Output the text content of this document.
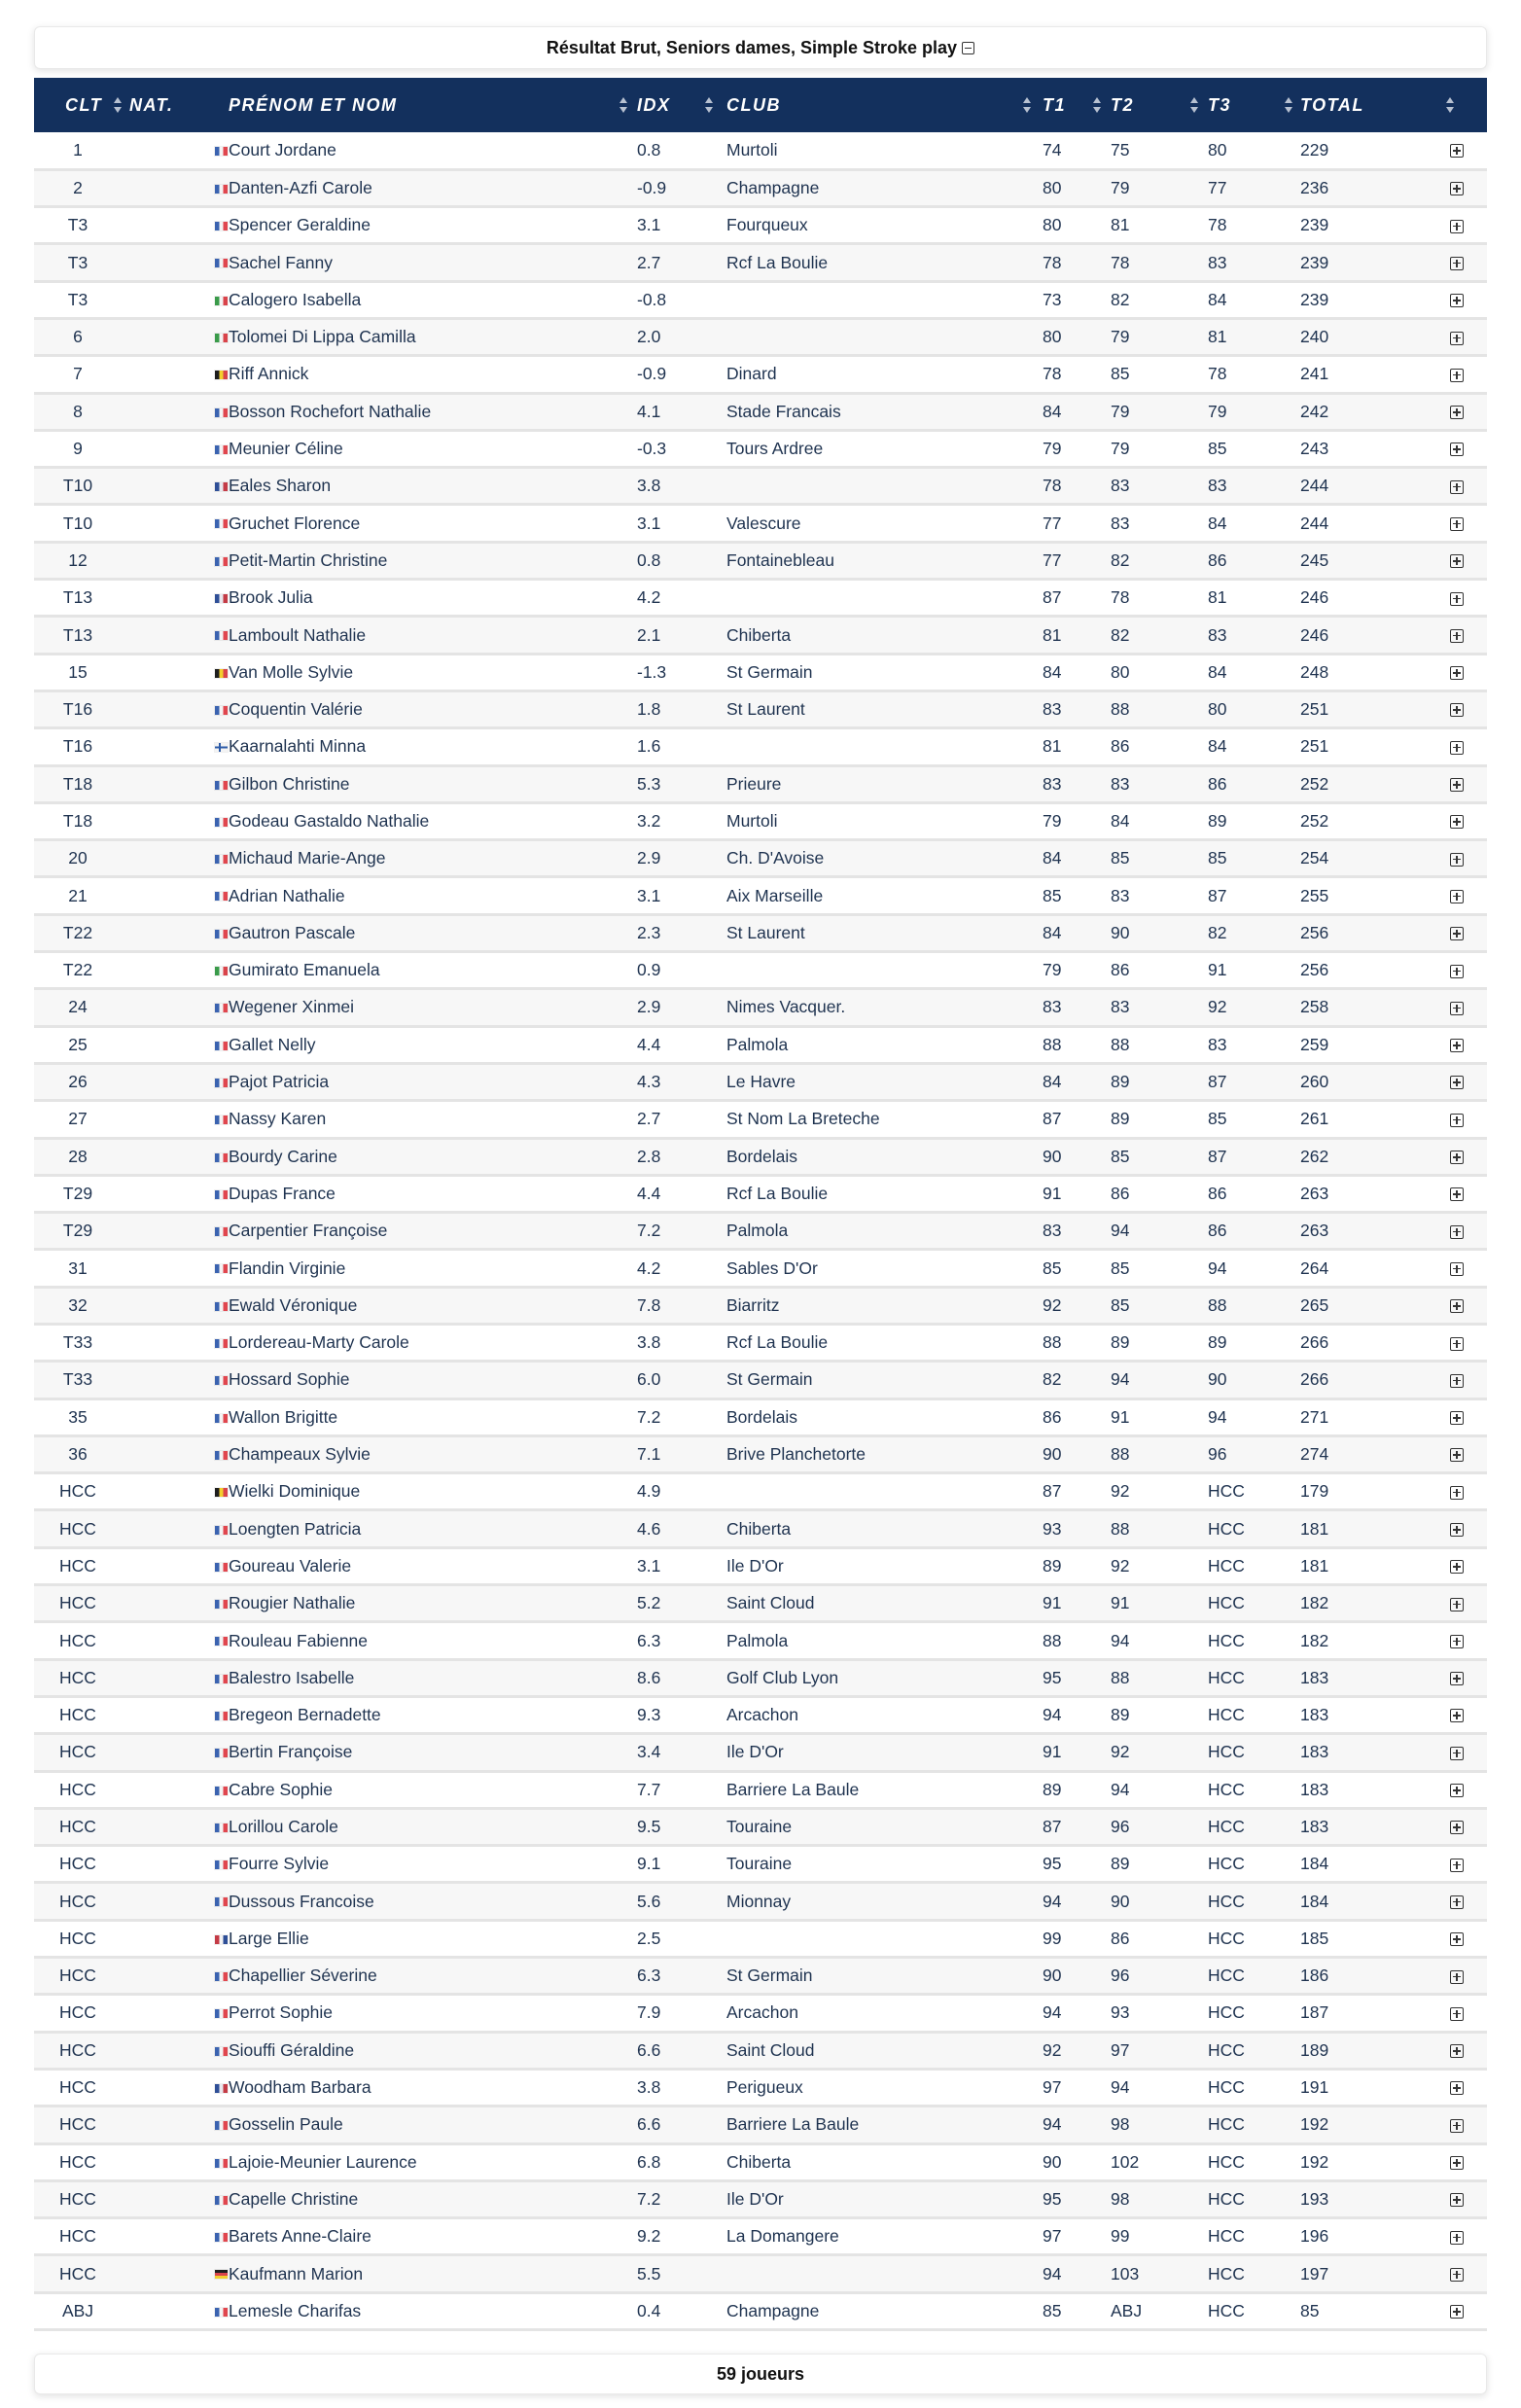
Résultat Brut, Seniors dames, Simple Stroke play
CLT	NAT.	PRÉNOM ET NOM	IDX	CLUB	T1	T2	T3	TOTAL

1		Court Jordane	0.8	Murtoli	74	75	80	229
2		Danten-Azfi Carole	-0.9	Champagne	80	79	77	236
T3		Spencer Geraldine	3.1	Fourqueux	80	81	78	239
T3		Sachel Fanny	2.7	Rcf La Boulie	78	78	83	239
T3		Calogero Isabella	-0.8		73	82	84	239
6		Tolomei Di Lippa Camilla	2.0		80	79	81	240
7		Riff Annick	-0.9	Dinard	78	85	78	241
8		Bosson Rochefort Nathalie	4.1	Stade Francais	84	79	79	242
9		Meunier Céline	-0.3	Tours Ardree	79	79	85	243
T10		Eales Sharon	3.8		78	83	83	244
T10		Gruchet Florence	3.1	Valescure	77	83	84	244
12		Petit-Martin Christine	0.8	Fontainebleau	77	82	86	245
T13		Brook Julia	4.2		87	78	81	246
T13		Lamboult Nathalie	2.1	Chiberta	81	82	83	246
15		Van Molle Sylvie	-1.3	St Germain	84	80	84	248
T16		Coquentin Valérie	1.8	St Laurent	83	88	80	251
T16		Kaarnalahti Minna	1.6		81	86	84	251
T18		Gilbon Christine	5.3	Prieure	83	83	86	252
T18		Godeau Gastaldo Nathalie	3.2	Murtoli	79	84	89	252
20		Michaud Marie-Ange	2.9	Ch. D'Avoise	84	85	85	254
21		Adrian Nathalie	3.1	Aix Marseille	85	83	87	255
T22		Gautron Pascale	2.3	St Laurent	84	90	82	256
T22		Gumirato Emanuela	0.9		79	86	91	256
24		Wegener Xinmei	2.9	Nimes Vacquer.	83	83	92	258
25		Gallet Nelly	4.4	Palmola	88	88	83	259
26		Pajot Patricia	4.3	Le Havre	84	89	87	260
27		Nassy Karen	2.7	St Nom La Breteche	87	89	85	261
28		Bourdy Carine	2.8	Bordelais	90	85	87	262
T29		Dupas France	4.4	Rcf La Boulie	91	86	86	263
T29		Carpentier Françoise	7.2	Palmola	83	94	86	263
31		Flandin Virginie	4.2	Sables D'Or	85	85	94	264
32		Ewald Véronique	7.8	Biarritz	92	85	88	265
T33		Lordereau-Marty Carole	3.8	Rcf La Boulie	88	89	89	266
T33		Hossard Sophie	6.0	St Germain	82	94	90	266
35		Wallon Brigitte	7.2	Bordelais	86	91	94	271
36		Champeaux Sylvie	7.1	Brive Planchetorte	90	88	96	274
HCC		Wielki Dominique	4.9		87	92	HCC	179
HCC		Loengten Patricia	4.6	Chiberta	93	88	HCC	181
HCC		Goureau Valerie	3.1	Ile D'Or	89	92	HCC	181
HCC		Rougier Nathalie	5.2	Saint Cloud	91	91	HCC	182
HCC		Rouleau Fabienne	6.3	Palmola	88	94	HCC	182
HCC		Balestro Isabelle	8.6	Golf Club Lyon	95	88	HCC	183
HCC		Bregeon Bernadette	9.3	Arcachon	94	89	HCC	183
HCC		Bertin Françoise	3.4	Ile D'Or	91	92	HCC	183
HCC		Cabre Sophie	7.7	Barriere La Baule	89	94	HCC	183
HCC		Lorillou Carole	9.5	Touraine	87	96	HCC	183
HCC		Fourre Sylvie	9.1	Touraine	95	89	HCC	184
HCC		Dussous Francoise	5.6	Mionnay	94	90	HCC	184
HCC		Large Ellie	2.5		99	86	HCC	185
HCC		Chapellier Séverine	6.3	St Germain	90	96	HCC	186
HCC		Perrot Sophie	7.9	Arcachon	94	93	HCC	187
HCC		Siouffi Géraldine	6.6	Saint Cloud	92	97	HCC	189
HCC		Woodham Barbara	3.8	Perigueux	97	94	HCC	191
HCC		Gosselin Paule	6.6	Barriere La Baule	94	98	HCC	192
HCC		Lajoie-Meunier Laurence	6.8	Chiberta	90	102	HCC	192
HCC		Capelle Christine	7.2	Ile D'Or	95	98	HCC	193
HCC		Barets Anne-Claire	9.2	La Domangere	97	99	HCC	196
HCC		Kaufmann Marion	5.5		94	103	HCC	197
ABJ		Lemesle Charifas	0.4	Champagne	85	ABJ	HCC	85
59 joueurs
